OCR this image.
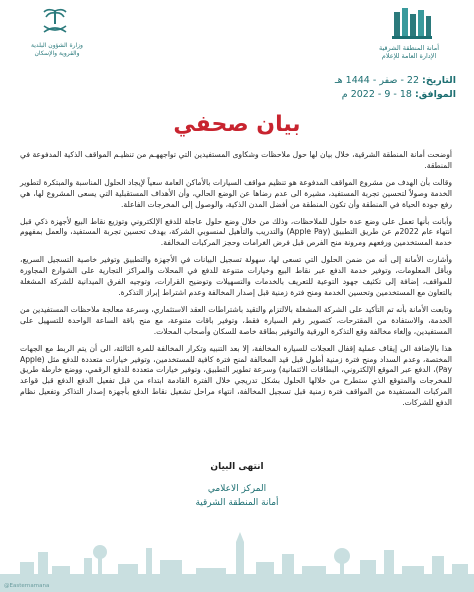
أمانة المنطقة الشرقية
الإدارة العامة للإعلام
وزارة الشؤون البلدية
والقروية والإسكان
التاريخ: 22 - صفر - 1444 هـ
الموافق: 18 - 9 - 2022 م
بيان صحفي

أوضحت أمانة المنطقة الشرقية، خلال بيان لها حول ملاحظات وشكاوى المستفيدين التي تواجههـم من تنظيـم المواقف الذكية المدفوعة في المنطقة.

وقالت بأن الهدف من مشروع المواقف المدفوعة هو تنظيم مواقف السيارات بالأماكن العامة سعياً لإيجاد الحلول المناسبة والمبتكرة لتطوير الخدمة وصولاً لتحسين تجربة المستفيد، مشيرة الى عدم رضاها عن الوضع الحالي، وأن الأهداف المستقبلية التي يسعى المشروع لها، هي رفع جودة الحياة في المنطقة وأن تكون المنطقة من أفضل المدن الذكية، والوصول إلى المخرجات الفاعلة.

وأبانت بأنها تعمل على وضع عدة حلول للملاحظات، وذلك من خلال وضع حلول عاجلة للدفع الإلكتروني وتوزيع نقاط البيع لأجهزة ذكي قبل انتهاء عام 2022م عن طريق التطبيق (Apple Pay) والتدريب والتأهيل لمنسوبي الشركة، بهدف تحسين تجربة المستفيد، والعمل بمفهوم خدمة المستخدمين ورفعهم ومرونة منح الفرص قبل فرض الغرامات وحجز المركبات المخالفة.

وأشارت الأمانة إلى أنه من ضمن الحلول التي تسعى لها، سهولة تسجيل البيانات في الأجهزة والتطبيق وتوفير خاصية التسجيل السريع، وبأقل المعلومات، وتوفير خدمة الدفع عبر نقاط البيع وخيارات متنوعة للدفع في المحلات والمراكز التجارية على الشوارع المجاورة للمواقف، إضافة إلى تكثيف جهود التوعية للتعريف بالخدمات والتسهيلات وتوضيح القرارات، وتوجيه الفرق الميدانية للشركة المشغلة بالتعاون مع المستخدمين وتحسين الخدمة ومنح فترة زمنية قبل إصدار المخالفة وعدم اشتراط إبراز التذكرة.

وتابعت الأمانة بأنه تم التأكيد على الشركة المشغلة بالالتزام والتقيد باشتراطات العقد الاستثماري، وسرعة معالجة ملاحظات المستفيدين من الخدمة، والاستفادة من المقترحات، كتصوير رقم السيارة فقط، وتوفير باقات متنوعة، مع منح باقة الساعة الواحدة للتسهيل على المستفيدين، وإلغاء مخالفة وقع التذكرة الورقية والتوفير بطاقة خاصة للسكان وأصحاب المحلات.

هذا بالإضافة الى إيقاف عملية إقفال العجلات للسيارة المخالفة، إلا بعد التنبيه وتكرار المخالفة للمرة الثالثة، الى أن يتم الربط مع الجهات المختصة، وعدم السداد ومنح فترة زمنية أطول قبل قيد المخالفة لمنح فترة كافية للمستخدمين، وتوفير خيارات متعددة للدفع مثل (Apple Pay)، الدفع عبر الموقع الإلكتروني، البطاقات الائتمانية) وسرعة تطوير التطبيق، وتوفير خيارات متعددة للدفع الرقمي، ووضع خارطة طريق للمخرجات والمتوقع الذي ستطرح من خلالها الحلول بشكل تدريجي خلال الفترة القادمة ابتداء من قبل تفعيل الدفع الدفع قبل قواعد المركبات المستفيدة من المواقف فترة زمنية قبل تسجيل المخالفة، انتهاء مراحل تشغيل نقاط الدفع بأجهزة إصدار التذاكر وتفعيل نظام الدفع للشركات.

انتهى البيان
المركز الاعلامي
أمانة المنطقة الشرقية
@Easternamana
